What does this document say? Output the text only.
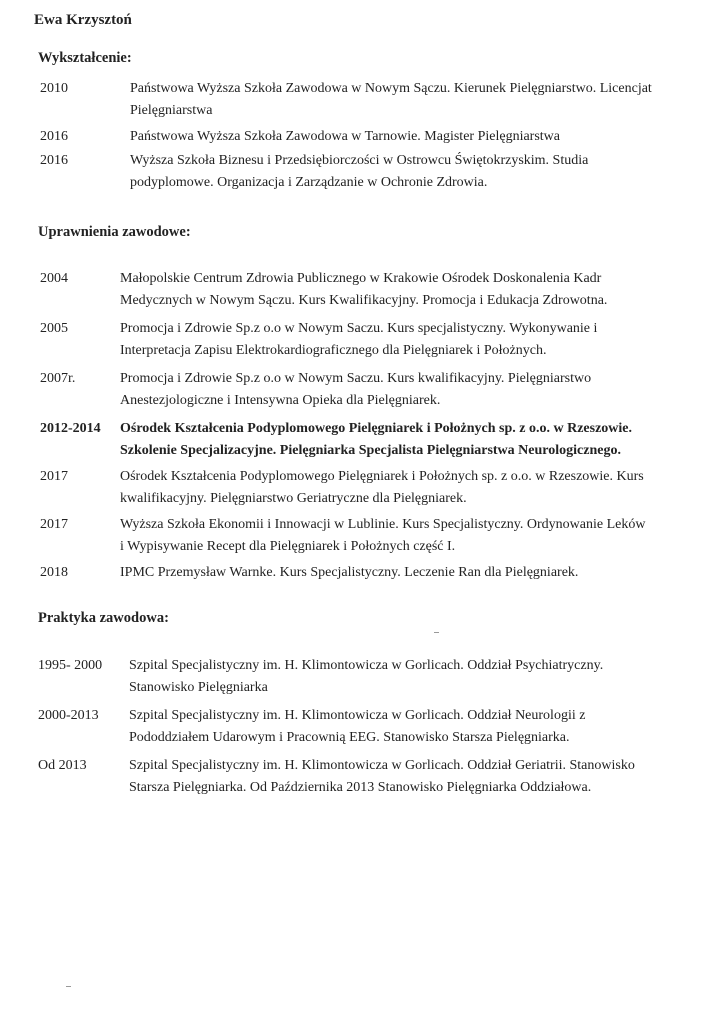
Ewa Krzysztoń
Wykształcenie:
2010	Państwowa Wyższa Szkoła Zawodowa w Nowym Sączu. Kierunek Pielęgniarstwo. Licencjat
Pielęgniarstwa
2016	Państwowa Wyższa Szkoła Zawodowa w Tarnowie. Magister Pielęgniarstwa
2016	Wyższa Szkoła Biznesu i Przedsiębiorczości w Ostrowcu Świętokrzyskim. Studia
podyplomowe. Organizacja i Zarządzanie w Ochronie Zdrowia.
Uprawnienia zawodowe:
2004	Małopolskie Centrum Zdrowia Publicznego w Krakowie Ośrodek Doskonalenia Kadr
Medycznych w Nowym Sączu. Kurs Kwalifikacyjny. Promocja i Edukacja Zdrowotna.
2005	Promocja i Zdrowie Sp.z o.o w Nowym Saczu. Kurs specjalistyczny. Wykonywanie i
Interpretacja Zapisu Elektrokardiograficznego dla Pielęgniarek i Położnych.
2007r.	Promocja i Zdrowie Sp.z o.o w Nowym Saczu. Kurs kwalifikacyjny. Pielęgniarstwo
Anestezjologiczne i Intensywna Opieka dla Pielęgniarek.
2012-2014 Ośrodek Kształcenia Podyplomowego Pielęgniarek i Położnych sp. z o.o. w Rzeszowie.
Szkolenie Specjalizacyjne. Pielęgniarka Specjalista Pielęgniarstwa Neurologicznego.
2017	Ośrodek Kształcenia Podyplomowego Pielęgniarek i Położnych sp. z o.o. w Rzeszowie. Kurs
kwalifikacyjny. Pielęgniarstwo Geriatryczne dla Pielęgniarek.
2017	Wyższa Szkoła Ekonomii i Innowacji w Lublinie. Kurs Specjalistyczny. Ordynowanie Leków
i Wypisywanie Recept dla Pielęgniarek i Położnych część I.
2018	IPMC Przemysław Warnke. Kurs Specjalistyczny. Leczenie Ran dla Pielęgniarek.
Praktyka zawodowa:
1995- 2000 Szpital Specjalistyczny im. H. Klimontowicza w Gorlicach. Oddział Psychiatryczny.
Stanowisko Pielęgniarka
2000-2013 Szpital Specjalistyczny im. H. Klimontowicza w Gorlicach. Oddział Neurologii z
Pododdziałem Udarowym i Pracownią EEG. Stanowisko Starsza Pielęgniarka.
Od 2013	Szpital Specjalistyczny im. H. Klimontowicza w Gorlicach. Oddział Geriatrii. Stanowisko
Starsza Pielęgniarka. Od Października 2013 Stanowisko Pielęgniarka Oddziałowa.
